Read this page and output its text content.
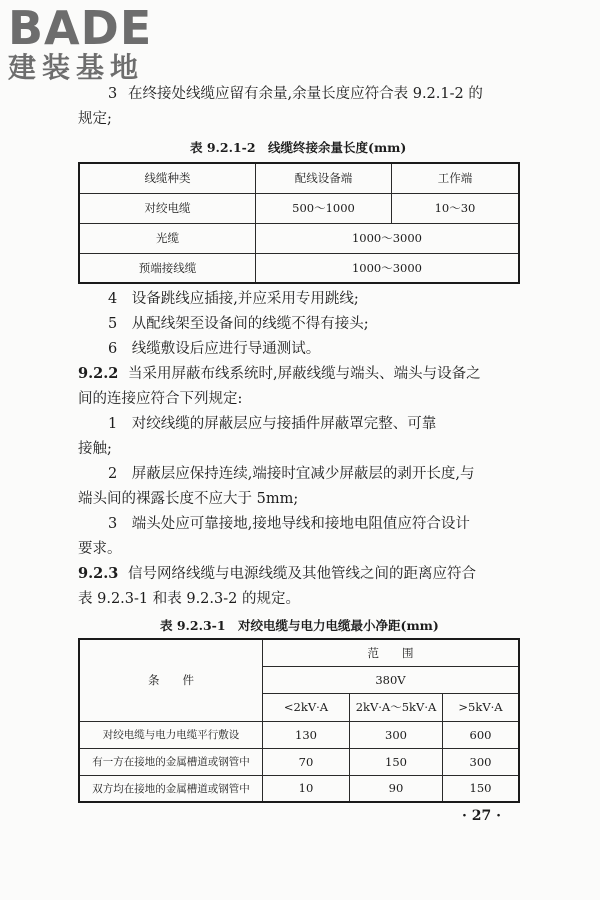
BADE
建装基地
3 在终接处线缆应留有余量,余量长度应符合表 9.2.1-2 的
规定;
表 9.2.1-2　线缆终接余量长度(mm)
线缆种类	配线设备端	工作端
对绞电缆	500～1000	10～30
光缆	1000～3000	
预端接线缆	1000～3000	
4　设备跳线应插接,并应采用专用跳线;
5　从配线架至设备间的线缆不得有接头;
6　线缆敷设后应进行导通测试。
9.2.2 当采用屏蔽布线系统时,屏蔽线缆与端头、端头与设备之
间的连接应符合下列规定:
1　对绞线缆的屏蔽层应与接插件屏蔽罩完整、可靠
接触;
2　屏蔽层应保持连续,端接时宜减少屏蔽层的剥开长度,与
端头间的裸露长度不应大于 5mm;
3　端头处应可靠接地,接地导线和接地电阻值应符合设计
要求。
9.2.3 信号网络线缆与电源线缆及其他管线之间的距离应符合
表 9.2.3-1 和表 9.2.3-2 的规定。
表 9.2.3-1　对绞电缆与电力电缆最小净距(mm)
条　　件	范　　围		
	380V		
	<2kV·A	2kV·A～5kV·A	>5kV·A
对绞电缆与电力电缆平行敷设	130	300	600
有一方在接地的金属槽道或钢管中	70	150	300
双方均在接地的金属槽道或钢管中	10	90	150
· 27 ·
